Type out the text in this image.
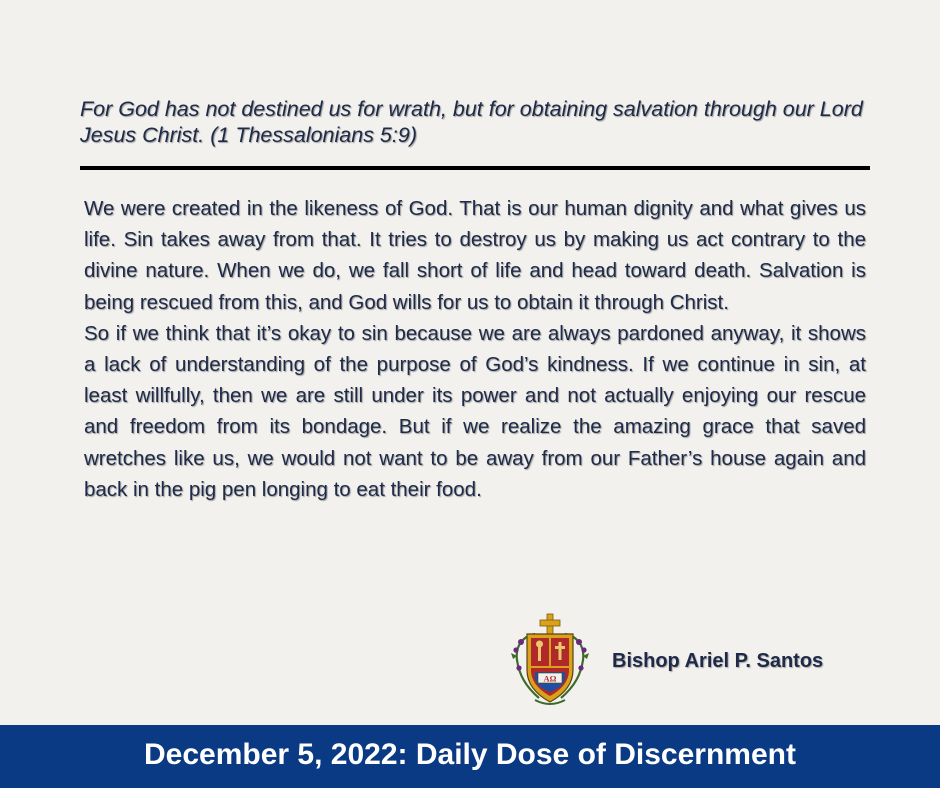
For God has not destined us for wrath, but for obtaining salvation through our Lord Jesus Christ. (1 Thessalonians 5:9)

We were created in the likeness of God. That is our human dignity and what gives us life. Sin takes away from that. It tries to destroy us by making us act contrary to the divine nature. When we do, we fall short of life and head toward death. Salvation is being rescued from this, and God wills for us to obtain it through Christ.

So if we think that it’s okay to sin because we are always pardoned anyway, it shows a lack of understanding of the purpose of God’s kindness. If we continue in sin, at least willfully, then we are still under its power and not actually enjoying our rescue and freedom from its bondage. But if we realize the amazing grace that saved wretches like us, we would not want to be away from our Father’s house again and back in the pig pen longing to eat their food.

AΩ
Bishop Ariel P. Santos
December 5, 2022: Daily Dose of Discernment
